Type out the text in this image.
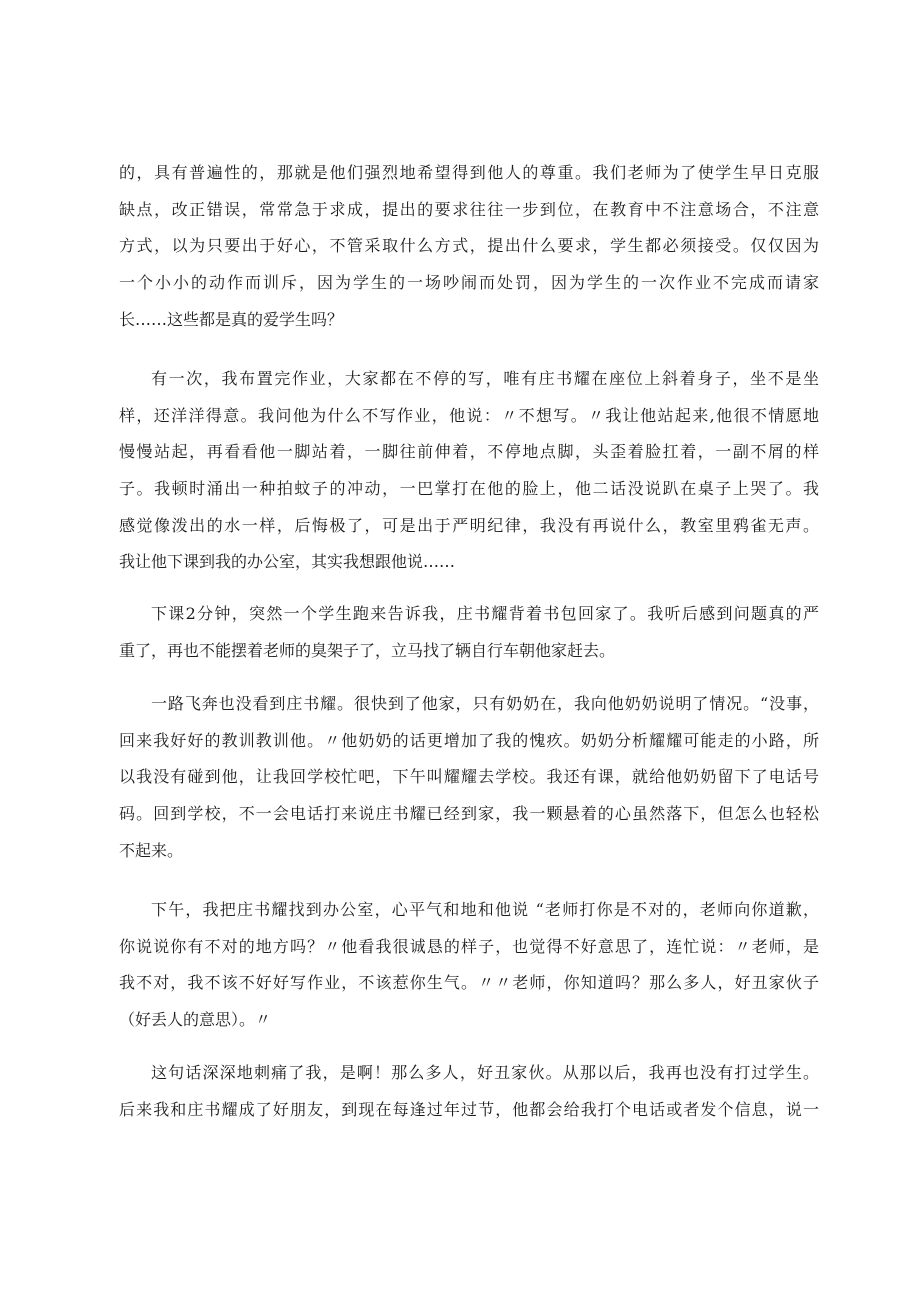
的，具有普遍性的，那就是他们强烈地希望得到他人的尊重。我们老师为了使学生早日克服
缺点，改正错误，常常急于求成，提出的要求往往一步到位，在教育中不注意场合，不注意
方式，以为只要出于好心，不管采取什么方式，提出什么要求，学生都必须接受。仅仅因为
一个小小的动作而训斥，因为学生的一场吵闹而处罚，因为学生的一次作业不完成而请家
长……这些都是真的爱学生吗？
有一次，我布置完作业，大家都在不停的写，唯有庄书耀在座位上斜着身子，坐不是坐
样，还洋洋得意。我问他为什么不写作业，他说：〃不想写。〃我让他站起来,他很不情愿地
慢慢站起，再看看他一脚站着，一脚往前伸着，不停地点脚，头歪着脸扛着，一副不屑的样
子。我顿时涌出一种拍蚊子的冲动，一巴掌打在他的脸上，他二话没说趴在桌子上哭了。我
感觉像泼出的水一样，后悔极了，可是出于严明纪律，我没有再说什么，教室里鸦雀无声。
我让他下课到我的办公室，其实我想跟他说……
下课2分钟，突然一个学生跑来告诉我，庄书耀背着书包回家了。我听后感到问题真的严
重了，再也不能摆着老师的臭架子了，立马找了辆自行车朝他家赶去。
一路飞奔也没看到庄书耀。很快到了他家，只有奶奶在，我向他奶奶说明了情况。“没事，
回来我好好的教训教训他。〃他奶奶的话更增加了我的愧疚。奶奶分析耀耀可能走的小路，所
以我没有碰到他，让我回学校忙吧，下午叫耀耀去学校。我还有课，就给他奶奶留下了电话号
码。回到学校，不一会电话打来说庄书耀已经到家，我一颗悬着的心虽然落下，但怎么也轻松
不起来。
下午，我把庄书耀找到办公室，心平气和地和他说 “老师打你是不对的，老师向你道歉，
你说说你有不对的地方吗？〃他看我很诚恳的样子，也觉得不好意思了，连忙说：〃老师，是
我不对，我不该不好好写作业，不该惹你生气。〃〃老师，你知道吗？那么多人，好丑家伙子
（好丢人的意思）。〃
这句话深深地刺痛了我，是啊！那么多人，好丑家伙。从那以后，我再也没有打过学生。
后来我和庄书耀成了好朋友，到现在每逢过年过节，他都会给我打个电话或者发个信息，说一
